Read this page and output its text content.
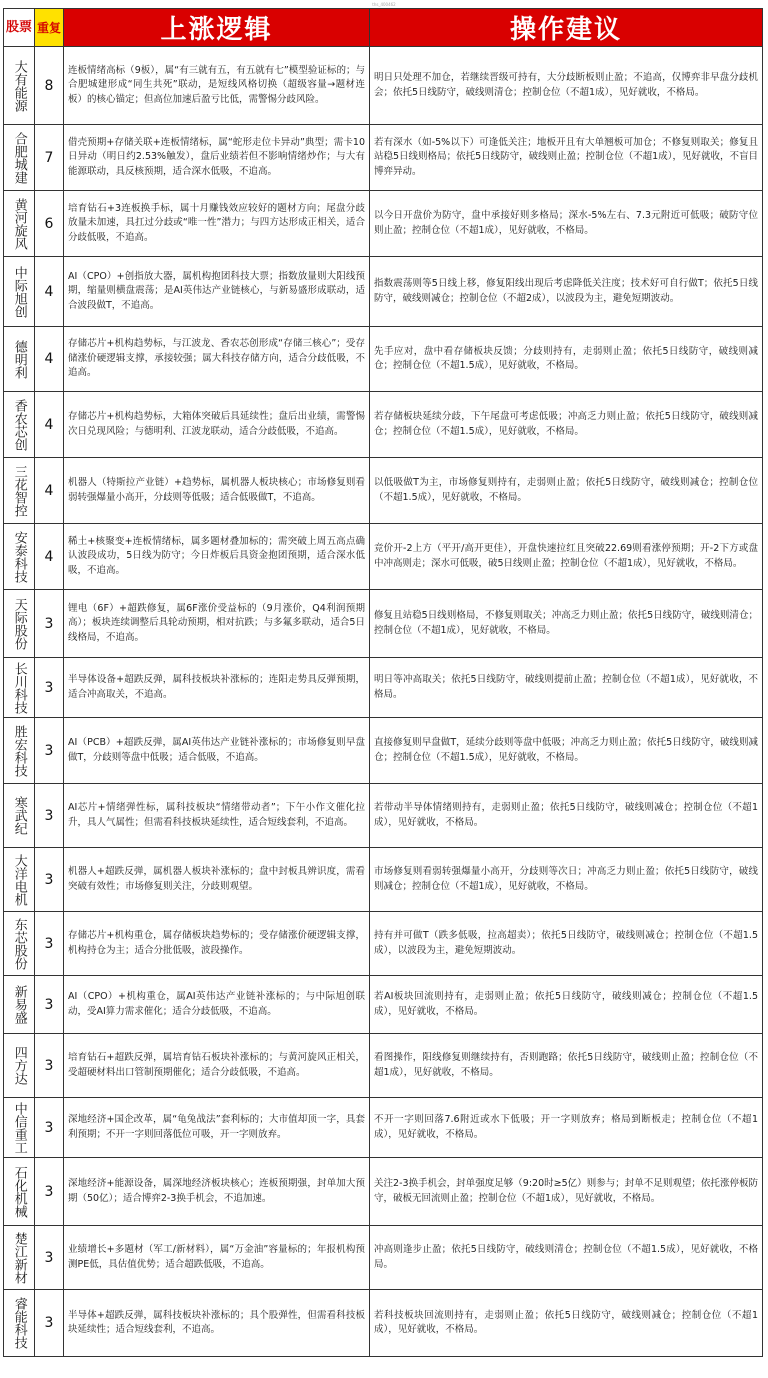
ths_400462
股票	重复	上涨逻辑	操作建议
大有能源	8	连板情绪高标（9板），属“有三就有五，有五就有七”模型验证标的；与合肥城建形成“同生共死”联动，是短线风格切换（超级容量→题材连板）的核心锚定；但高位加速后盈亏比低，需警惕分歧风险。	明日只处理不加仓，若继续晋级可持有，大分歧断板则止盈；不追高，仅博弈非早盘分歧机会；依托5日线防守，破线则清仓；控制仓位（不超1成），见好就收，不格局。
合肥城建	7	借壳预期+存储关联+连板情绪标，属“蛇形走位卡异动”典型；需卡10日异动（明日约2.53%触发），盘后业绩若但不影响情绪炒作；与大有能源联动，具反核预期，适合深水低吸，不追高。	若有深水（如-5%以下）可逢低关注；地板开且有大单翘板可加仓；不修复则取关；修复且站稳5日线则格局；依托5日线防守，破线则止盈；控制仓位（不超1成），见好就收，不盲目博弈异动。
黄河旋风	6	培育钻石+3连板换手标，属十月赚钱效应较好的题材方向；尾盘分歧放量未加速，具扛过分歧或“唯一性”潜力；与四方达形成正相关，适合分歧低吸，不追高。	以今日开盘价为防守，盘中承接好则多格局；深水-5%左右、7.3元附近可低吸；破防守位则止盈；控制仓位（不超1成），见好就收，不格局。
中际旭创	4	AI（CPO）+创指放大器，属机构抱团科技大票；指数放量则大阳线预期，缩量则横盘震荡；是AI英伟达产业链核心，与新易盛形成联动，适合波段做T，不追高。	指数震荡则等5日线上移，修复阳线出现后考虑降低关注度；技术好可自行做T；依托5日线防守，破线则减仓；控制仓位（不超2成），以波段为主，避免短期波动。
德明利	4	存储芯片+机构趋势标，与江波龙、香农芯创形成“存储三核心”；受存储涨价硬逻辑支撑，承接较强；属大科技存储方向，适合分歧低吸，不追高。	先手应对，盘中看存储板块反馈；分歧则持有，走弱则止盈；依托5日线防守，破线则减仓；控制仓位（不超1.5成），见好就收，不格局。
香农芯创	4	存储芯片+机构趋势标，大箱体突破后具延续性；盘后出业绩，需警惕次日兑现风险；与德明利、江波龙联动，适合分歧低吸，不追高。	若存储板块延续分歧，下午尾盘可考虑低吸；冲高乏力则止盈；依托5日线防守，破线则减仓；控制仓位（不超1.5成），见好就收，不格局。
三花智控	4	机器人（特斯拉产业链）+趋势标，属机器人板块核心；市场修复则看弱转强爆量小高开，分歧则等低吸；适合低吸做T，不追高。	以低吸做T为主，市场修复则持有，走弱则止盈；依托5日线防守，破线则减仓；控制仓位（不超1.5成），见好就收，不格局。
安泰科技	4	稀土+核聚变+连板情绪标，属多题材叠加标的；需突破上周五高点确认波段成功，5日线为防守；今日炸板后具资金抱团预期，适合深水低吸，不追高。	竞价开-2上方（平开/高开更佳），开盘快速拉红且突破22.69则看涨停预期；开-2下方或盘中冲高则走；深水可低吸，破5日线则止盈；控制仓位（不超1成），见好就收，不格局。
天际股份	3	锂电（6F）+超跌修复，属6F涨价受益标的（9月涨价，Q4利润预期高）；板块连续调整后具轮动预期，相对抗跌；与多氟多联动，适合5日线格局，不追高。	修复且站稳5日线则格局，不修复则取关；冲高乏力则止盈；依托5日线防守，破线则清仓；控制仓位（不超1成），见好就收，不格局。
长川科技	3	半导体设备+超跌反弹，属科技板块补涨标的；连阳走势具反弹预期，适合冲高取关，不追高。	明日等冲高取关；依托5日线防守，破线则提前止盈；控制仓位（不超1成），见好就收，不格局。
胜宏科技	3	AI（PCB）+超跌反弹，属AI英伟达产业链补涨标的；市场修复则早盘做T，分歧则等盘中低吸；适合低吸，不追高。	直接修复则早盘做T，延续分歧则等盘中低吸；冲高乏力则止盈；依托5日线防守，破线则减仓；控制仓位（不超1.5成），见好就收，不格局。
寒武纪	3	AI芯片+情绪弹性标，属科技板块“情绪带动者”；下午小作文催化拉升，具人气属性；但需看科技板块延续性，适合短线套利，不追高。	若带动半导体情绪则持有，走弱则止盈；依托5日线防守，破线则减仓；控制仓位（不超1成），见好就收，不格局。
大洋电机	3	机器人+超跌反弹，属机器人板块补涨标的；盘中封板具辨识度，需看突破有效性；市场修复则关注，分歧则观望。	市场修复则看弱转强爆量小高开，分歧则等次日；冲高乏力则止盈；依托5日线防守，破线则减仓；控制仓位（不超1成），见好就收，不格局。
东芯股份	3	存储芯片+机构重仓，属存储板块趋势标的；受存储涨价硬逻辑支撑，机构持仓为主；适合分批低吸，波段操作。	持有并可做T（跌多低吸，拉高超卖）；依托5日线防守，破线则减仓；控制仓位（不超1.5成），以波段为主，避免短期波动。
新易盛	3	AI（CPO）+机构重仓，属AI英伟达产业链补涨标的；与中际旭创联动，受AI算力需求催化；适合分歧低吸，不追高。	若AI板块回流则持有，走弱则止盈；依托5日线防守，破线则减仓；控制仓位（不超1.5成），见好就收，不格局。
四方达	3	培育钻石+超跌反弹，属培育钻石板块补涨标的；与黄河旋风正相关，受超硬材料出口管制预期催化；适合分歧低吸，不追高。	看图操作，阳线修复则继续持有，否则跑路；依托5日线防守，破线则止盈；控制仓位（不超1成），见好就收，不格局。
中信重工	3	深地经济+国企改革，属“龟兔战法”套利标的；大市值却顶一字，具套利预期；不开一字则回落低位可吸，开一字则放弃。	不开一字则回落7.6附近或水下低吸；开一字则放弃；格局到断板走；控制仓位（不超1成），见好就收，不格局。
石化机械	3	深地经济+能源设备，属深地经济板块核心；连板预期强，封单加大预期（50亿）；适合博弈2-3换手机会，不追加速。	关注2-3换手机会，封单强度足够（9:20时≥5亿）则参与；封单不足则观望；依托涨停板防守，破板无回流则止盈；控制仓位（不超1成），见好就收，不格局。
楚江新材	3	业绩增长+多题材（军工/新材料），属“万金油”容量标的；年报机构预测PE低，具估值优势；适合超跌低吸，不追高。	冲高则逢步止盈；依托5日线防守，破线则清仓；控制仓位（不超1.5成），见好就收，不格局。
睿能科技	3	半导体+超跌反弹，属科技板块补涨标的；具个股弹性，但需看科技板块延续性；适合短线套利，不追高。	若科技板块回流则持有，走弱则止盈；依托5日线防守，破线则减仓；控制仓位（不超1成），见好就收，不格局。
